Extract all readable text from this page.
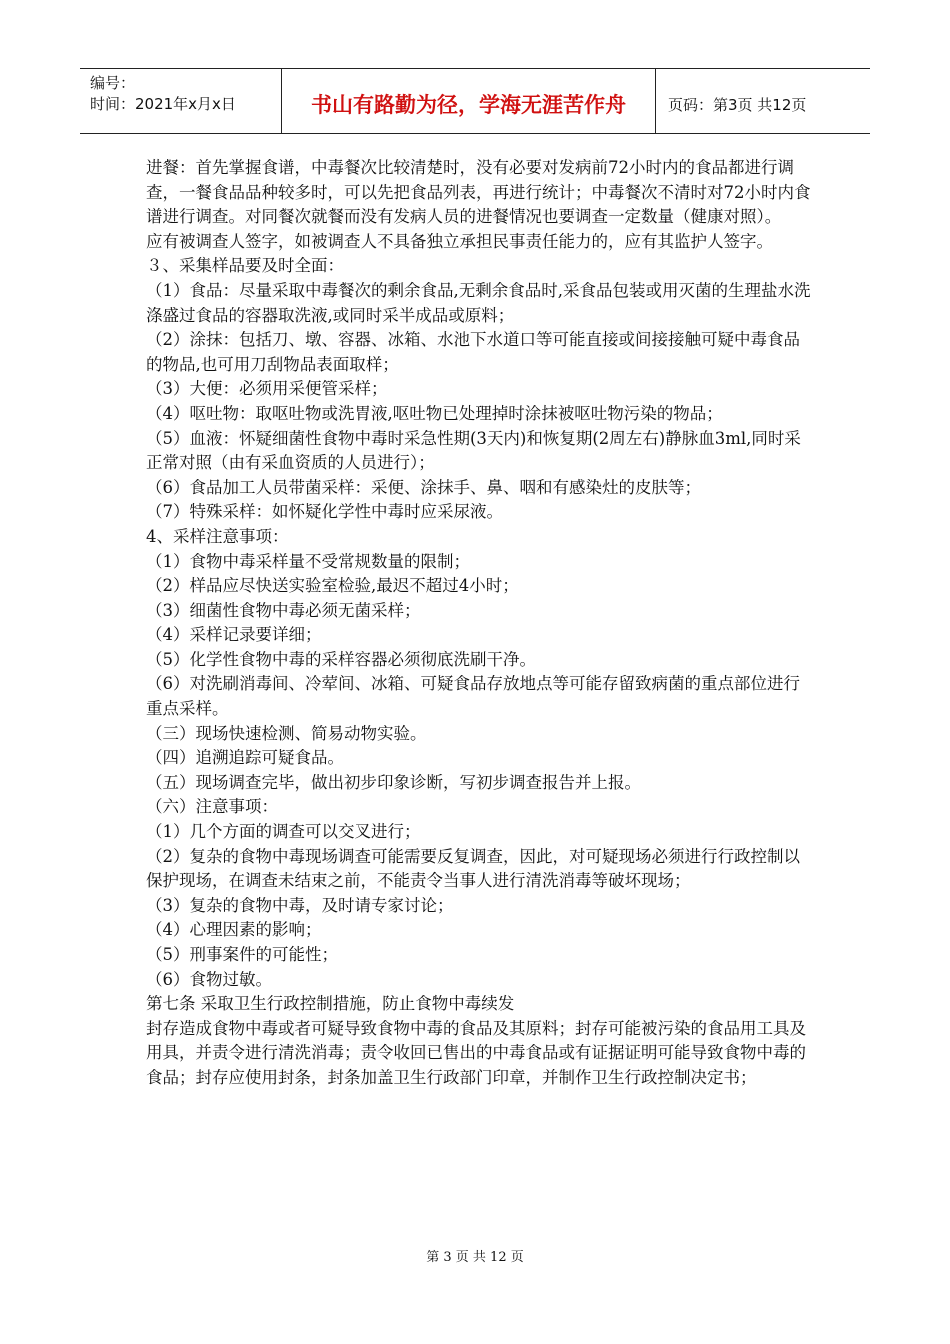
编号：
时间：2021年x月x日	书山有路勤为径，学海无涯苦作舟	页码：第3页 共12页

进餐：首先掌握食谱，中毒餐次比较清楚时，没有必要对发病前72小时内的食品都进行调查，一餐食品品种较多时，可以先把食品列表，再进行统计；中毒餐次不清时对72小时内食谱进行调查。对同餐次就餐而没有发病人员的进餐情况也要调查一定数量（健康对照）。

应有被调查人签字，如被调查人不具备独立承担民事责任能力的，应有其监护人签字。

３、采集样品要及时全面：

（1）食品：尽量采取中毒餐次的剩余食品,无剩余食品时,采食品包装或用灭菌的生理盐水洗涤盛过食品的容器取洗液,或同时采半成品或原料；

（2）涂抹：包括刀、墩、容器、冰箱、水池下水道口等可能直接或间接接触可疑中毒食品的物品,也可用刀刮物品表面取样；

（3）大便：必须用采便管采样；

（4）呕吐物：取呕吐物或洗胃液,呕吐物已处理掉时涂抹被呕吐物污染的物品；

（5）血液：怀疑细菌性食物中毒时采急性期(3天内)和恢复期(2周左右)静脉血3ml,同时采正常对照（由有采血资质的人员进行）；

（6）食品加工人员带菌采样：采便、涂抹手、鼻、咽和有感染灶的皮肤等；

（7）特殊采样：如怀疑化学性中毒时应采尿液。

4、采样注意事项：

（1）食物中毒采样量不受常规数量的限制；

（2）样品应尽快送实验室检验,最迟不超过4小时；

（3）细菌性食物中毒必须无菌采样；

（4）采样记录要详细；

（5）化学性食物中毒的采样容器必须彻底洗刷干净。

（6）对洗刷消毒间、冷荤间、冰箱、可疑食品存放地点等可能存留致病菌的重点部位进行重点采样。

（三）现场快速检测、简易动物实验。

（四）追溯追踪可疑食品。

（五）现场调查完毕，做出初步印象诊断，写初步调查报告并上报。

（六）注意事项：

（1）几个方面的调查可以交叉进行；

（2）复杂的食物中毒现场调查可能需要反复调查，因此，对可疑现场必须进行行政控制以保护现场，在调查未结束之前，不能责令当事人进行清洗消毒等破坏现场；

（3）复杂的食物中毒，及时请专家讨论；

（4）心理因素的影响；

（5）刑事案件的可能性；

（6）食物过敏。

第七条 采取卫生行政控制措施，防止食物中毒续发

封存造成食物中毒或者可疑导致食物中毒的食品及其原料；封存可能被污染的食品用工具及用具，并责令进行清洗消毒；责令收回已售出的中毒食品或有证据证明可能导致食物中毒的食品；封存应使用封条，封条加盖卫生行政部门印章，并制作卫生行政控制决定书；

第 3 页 共 12 页
